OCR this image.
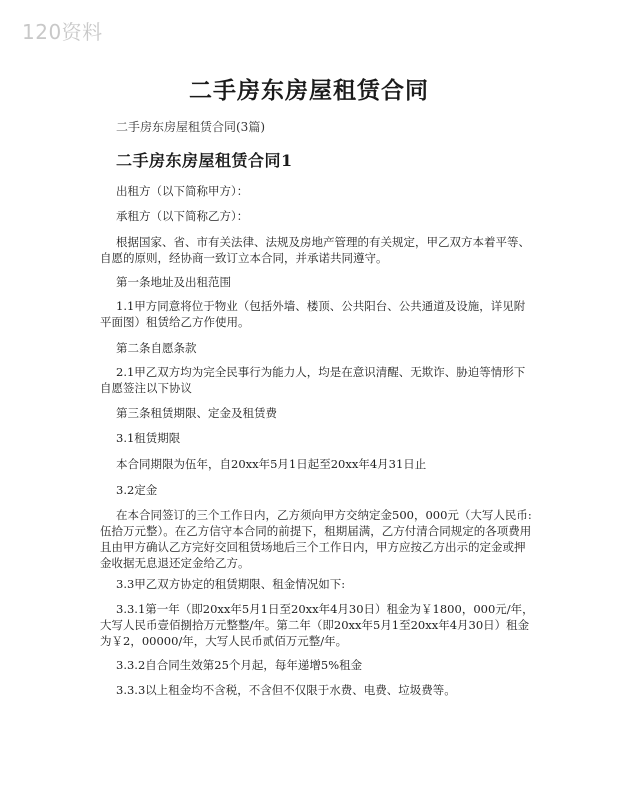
120资料
二手房东房屋租赁合同
二手房东房屋租赁合同(3篇)
二手房东房屋租赁合同1

出租方（以下简称甲方）：

承租方（以下简称乙方）：

根据国家、省、市有关法律、法规及房地产管理的有关规定，甲乙双方本着平等、自愿的原则，经协商一致订立本合同，并承诺共同遵守。

第一条地址及出租范围

1.1甲方同意将位于物业（包括外墙、楼顶、公共阳台、公共通道及设施，详见附平面图）租赁给乙方作使用。

第二条自愿条款

2.1甲乙双方均为完全民事行为能力人，均是在意识清醒、无欺诈、胁迫等情形下自愿签注以下协议

第三条租赁期限、定金及租赁费

3.1租赁期限

本合同期限为伍年，自20xx年5月1日起至20xx年4月31日止

3.2定金

在本合同签订的三个工作日内，乙方须向甲方交纳定金500，000元（大写人民币:伍拾万元整）。在乙方信守本合同的前提下，租期届满，乙方付清合同规定的各项费用且由甲方确认乙方完好交回租赁场地后三个工作日内，甲方应按乙方出示的定金或押金收据无息退还定金给乙方。

3.3甲乙双方协定的租赁期限、租金情况如下:

3.3.1第一年（即20xx年5月1日至20xx年4月30日）租金为￥1800，000元/年，大写人民币壹佰捌拾万元整整/年。第二年（即20xx年5月1至20xx年4月30日）租金为￥2，00000/年，大写人民币贰佰万元整/年。

3.3.2自合同生效第25个月起，每年递增5%租金

3.3.3以上租金均不含税，不含但不仅限于水费、电费、垃圾费等。
